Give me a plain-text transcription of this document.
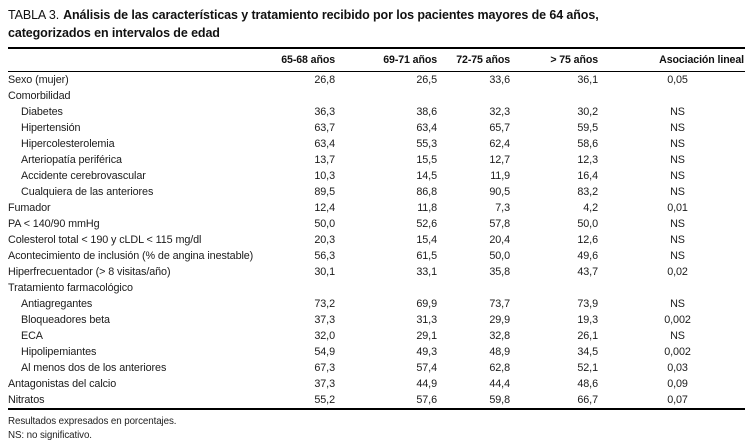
TABLA 3. Análisis de las características y tratamiento recibido por los pacientes mayores de 64 años,
categorizados en intervalos de edad
	65-68 años	69-71 años	72-75 años	> 75 años	Asociación lineal
Sexo (mujer)	26,8	26,5	33,6	36,1	0,05
Comorbilidad					
Diabetes	36,3	38,6	32,3	30,2	NS
Hipertensión	63,7	63,4	65,7	59,5	NS
Hipercolesterolemia	63,4	55,3	62,4	58,6	NS
Arteriopatía periférica	13,7	15,5	12,7	12,3	NS
Accidente cerebrovascular	10,3	14,5	11,9	16,4	NS
Cualquiera de las anteriores	89,5	86,8	90,5	83,2	NS
Fumador	12,4	11,8	7,3	4,2	0,01
PA < 140/90 mmHg	50,0	52,6	57,8	50,0	NS
Colesterol total < 190 y cLDL < 115 mg/dl	20,3	15,4	20,4	12,6	NS
Acontecimiento de inclusión (% de angina inestable)	56,3	61,5	50,0	49,6	NS
Hiperfrecuentador (> 8 visitas/año)	30,1	33,1	35,8	43,7	0,02
Tratamiento farmacológico					
Antiagregantes	73,2	69,9	73,7	73,9	NS
Bloqueadores beta	37,3	31,3	29,9	19,3	0,002
ECA	32,0	29,1	32,8	26,1	NS
Hipolipemiantes	54,9	49,3	48,9	34,5	0,002
Al menos dos de los anteriores	67,3	57,4	62,8	52,1	0,03
Antagonistas del calcio	37,3	44,9	44,4	48,6	0,09
Nitratos	55,2	57,6	59,8	66,7	0,07
Resultados expresados en porcentajes.
NS: no significativo.
